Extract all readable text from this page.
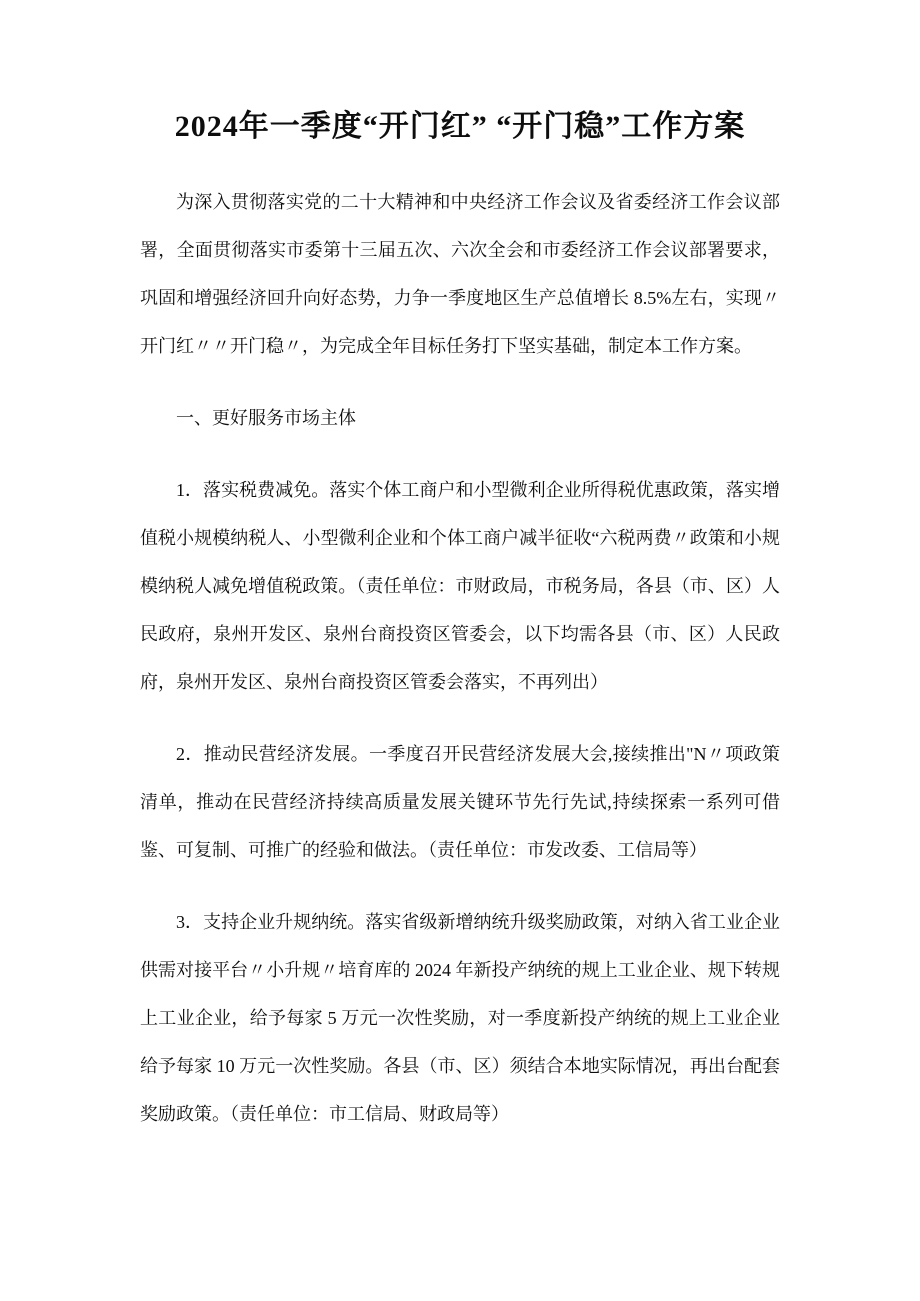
2024年一季度“开门红” “开门稳”工作方案

为深入贯彻落实党的二十大精神和中央经济工作会议及省委经济工作会议部署，全面贯彻落实市委第十三届五次、六次全会和市委经济工作会议部署要求，巩固和增强经济回升向好态势，力争一季度地区生产总值增长 8.5%左右，实现〃开门红〃〃开门稳〃，为完成全年目标任务打下坚实基础，制定本工作方案。

一、更好服务市场主体

1．落实税费减免。落实个体工商户和小型微利企业所得税优惠政策，落实增值税小规模纳税人、小型微利企业和个体工商户减半征收“六税两费〃政策和小规模纳税人减免增值税政策。（责任单位：市财政局，市税务局，各县（市、区）人民政府，泉州开发区、泉州台商投资区管委会，以下均需各县（市、区）人民政府，泉州开发区、泉州台商投资区管委会落实，不再列出）

2．推动民营经济发展。一季度召开民营经济发展大会,接续推出"N〃项政策清单，推动在民营经济持续高质量发展关键环节先行先试,持续探索一系列可借鉴、可复制、可推广的经验和做法。（责任单位：市发改委、工信局等）

3．支持企业升规纳统。落实省级新增纳统升级奖励政策，对纳入省工业企业供需对接平台〃小升规〃培育库的 2024 年新投产纳统的规上工业企业、规下转规上工业企业，给予每家 5 万元一次性奖励，对一季度新投产纳统的规上工业企业给予每家 10 万元一次性奖励。各县（市、区）须结合本地实际情况，再出台配套奖励政策。（责任单位：市工信局、财政局等）
